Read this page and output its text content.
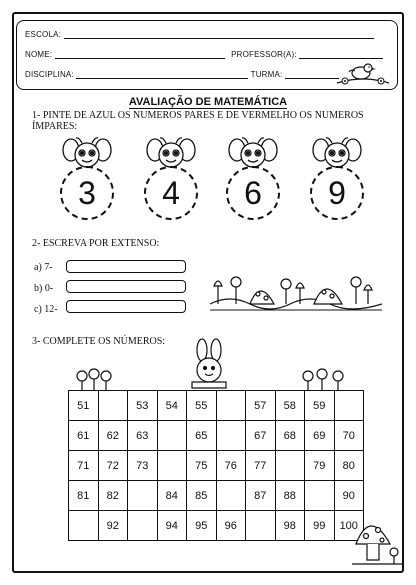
ESCOLA:
NOME:	PROFESSOR(A):
DISCIPLINA:	TURMA:
AVALIAÇÃO DE MATEMÁTICA
1- PINTE DE AZUL OS NUMEROS PARES E DE VERMELHO OS NUMEROS
ÍMPARES:
3	4	6	9
2- ESCREVA POR EXTENSO:
a) 7-
b) 0-
c) 12-
3- COMPLETE OS NÚMEROS:
51		53	54	55		57	58	59	
61	62	63		65		67	68	69	70
71	72	73		75	76	77		79	80
81	82		84	85		87	88		90
	92		94	95	96		98	99	100
